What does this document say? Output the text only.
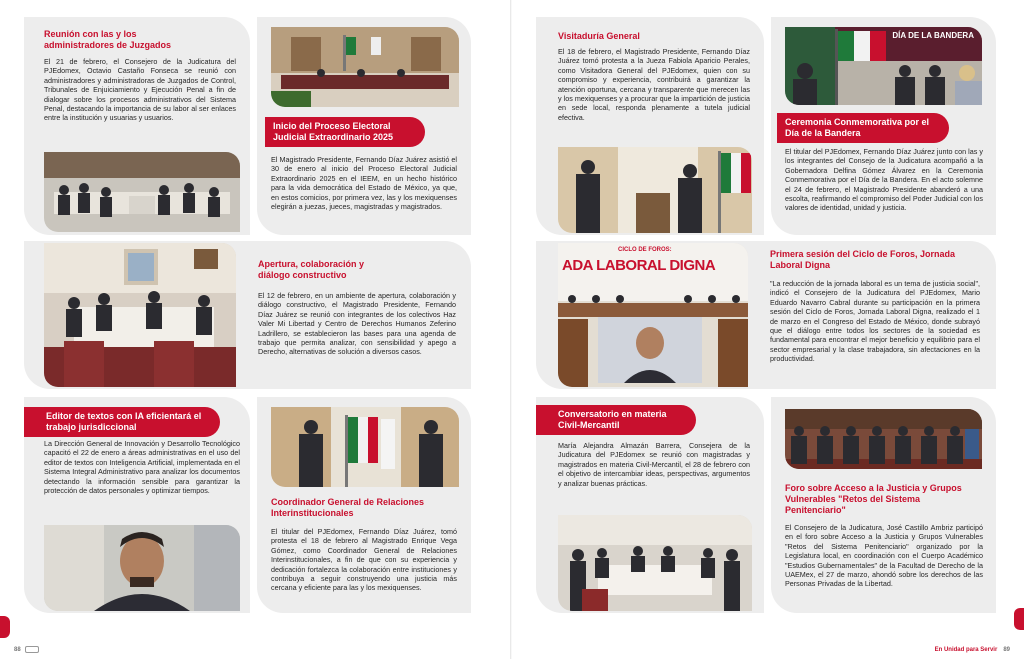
Reunión con las y los administradores de Juzgados
El 21 de febrero, el Consejero de la Judicatura del PJEdomex, Octavio Castaño Fonseca se reunió con administradores y administradoras de Juzgados de Control, Tribunales de Enjuiciamiento y Ejecución Penal a fin de dialogar sobre los procesos administrativos del Sistema Penal, destacando la importancia de su labor al ser enlaces entre la institución y usuarias y usuarios.
Inicio del Proceso Electoral Judicial Extraordinario 2025
El Magistrado Presidente, Fernando Díaz Juárez asistió el 30 de enero al inicio del Proceso Electoral Judicial Extraordinario 2025 en el IEEM, en un hecho histórico para la vida democrática del Estado de México, ya que, en estos comicios, por primera vez, las y los mexiquenses elegirán a juezas, jueces, magistradas y magistrados.
Apertura, colaboración y diálogo constructivo
El 12 de febrero, en un ambiente de apertura, colaboración y diálogo constructivo, el Magistrado Presidente, Fernando Díaz Juárez se reunió con integrantes de los colectivos Haz Valer Mi Libertad y Centro de Derechos Humanos Zeferino Ladrillero, se establecieron las bases para una agenda de trabajo que permita analizar, con sensibilidad y apego a Derecho, alternativas de solución a diversos casos.
Editor de textos con IA eficientará el trabajo jurisdiccional
La Dirección General de Innovación y Desarrollo Tecnológico capacitó el 22 de enero a áreas administrativas en el uso del editor de textos con Inteligencia Artificial, implementada en el Sistema Integral Administrativo para analizar los documentos detectando la información sensible para garantizar la protección de datos personales y optimizar tiempos.
Coordinador General de Relaciones Interinstitucionales
El titular del PJEdomex, Fernando Díaz Juárez, tomó protesta el 18 de febrero al Magistrado Enrique Vega Gómez, como Coordinador General de Relaciones Interinstitucionales, a fin de que con su experiencia y dedicación fortalezca la colaboración entre instituciones y contribuya a seguir construyendo una justicia más cercana y eficiente para las y los mexiquenses.
88
Visitaduría General
El 18 de febrero, el Magistrado Presidente, Fernando Díaz Juárez tomó protesta a la Jueza Fabiola Aparicio Perales, como Visitadora General del PJEdomex, quien con su compromiso y experiencia, contribuirá a garantizar la atención oportuna, cercana y transparente que merecen las y los mexiquenses y a procurar que la impartición de justicia en sede local, responda plenamente a tutela judicial efectiva.
DÍA DE LA BANDERA
Ceremonia Conmemorativa por el Día de la Bandera
El titular del PJEdomex, Fernando Díaz Juárez junto con las y los integrantes del Consejo de la Judicatura acompañó a la Gobernadora Delfina Gómez Álvarez en la Ceremonia Conmemorativa por el Día de la Bandera. En el acto solemne el 24 de febrero, el Magistrado Presidente abanderó a una escolta, reafirmando el compromiso del Poder Judicial con los valores de identidad, unidad y justicia.
CICLO DE FOROS:
ADA LABORAL DIGNA
Primera sesión del Ciclo de Foros, Jornada Laboral Digna
"La reducción de la jornada laboral es un tema de justicia social", indicó el Consejero de la Judicatura del PJEdomex, Mario Eduardo Navarro Cabral durante su participación en la primera sesión del Ciclo de Foros, Jornada Laboral Digna, realizado el 1 de marzo en el Congreso del Estado de México, donde subrayó que el diálogo entre todos los sectores de la sociedad es fundamental para encontrar el mejor beneficio y equilibrio para el sector empresarial y la clase trabajadora, sin afectaciones en la productividad.
Conversatorio en materia Civil-Mercantil
María Alejandra Almazán Barrera, Consejera de la Judicatura del PJEdomex se reunió con magistradas y magistrados en materia Civil-Mercantil, el 28 de febrero con el objetivo de intercambiar ideas, perspectivas, argumentos y analizar buenas prácticas.	Foro sobre Acceso a la Justicia y Grupos Vulnerables "Retos del Sistema Penitenciario"
El Consejero de la Judicatura, José Castillo Ambriz participó en el foro sobre Acceso a la Justicia y Grupos Vulnerables "Retos del Sistema Penitenciario" organizado por la Legislatura local, en coordinación con el Cuerpo Académico "Estudios Gubernamentales" de la Facultad de Derecho de la UAEMex, el 27 de marzo, ahondó sobre los derechos de las Personas Privadas de la Libertad.
En Unidad para Servir 89
